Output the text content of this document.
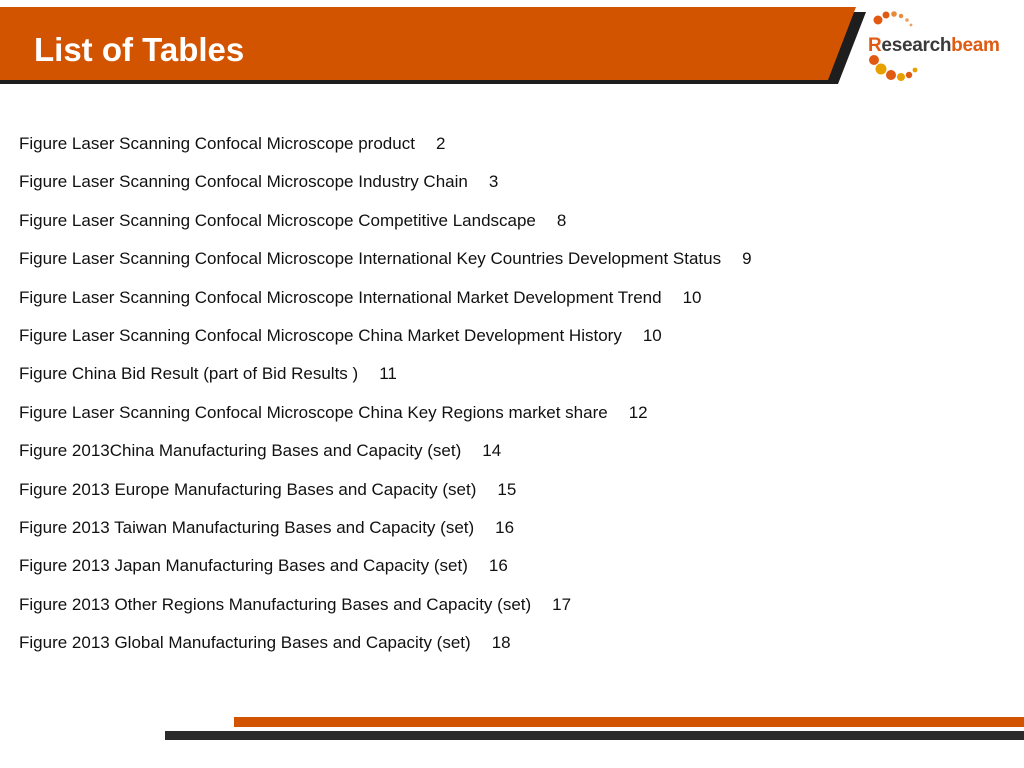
List of Tables	Researchbeam
Figure Laser Scanning Confocal Microscope product 2
Figure Laser Scanning Confocal Microscope Industry Chain 3
Figure Laser Scanning Confocal Microscope Competitive Landscape 8
Figure Laser Scanning Confocal Microscope International Key Countries Development Status 9
Figure Laser Scanning Confocal Microscope International Market Development Trend 10
Figure Laser Scanning Confocal Microscope China Market Development History 10
Figure China Bid Result (part of Bid Results ) 11
Figure Laser Scanning Confocal Microscope China Key Regions market share 12
Figure 2013China Manufacturing Bases and Capacity (set) 14
Figure 2013 Europe Manufacturing Bases and Capacity (set) 15
Figure 2013 Taiwan Manufacturing Bases and Capacity (set) 16
Figure 2013 Japan Manufacturing Bases and Capacity (set) 16
Figure 2013 Other Regions Manufacturing Bases and Capacity (set) 17
Figure 2013 Global Manufacturing Bases and Capacity (set) 18
